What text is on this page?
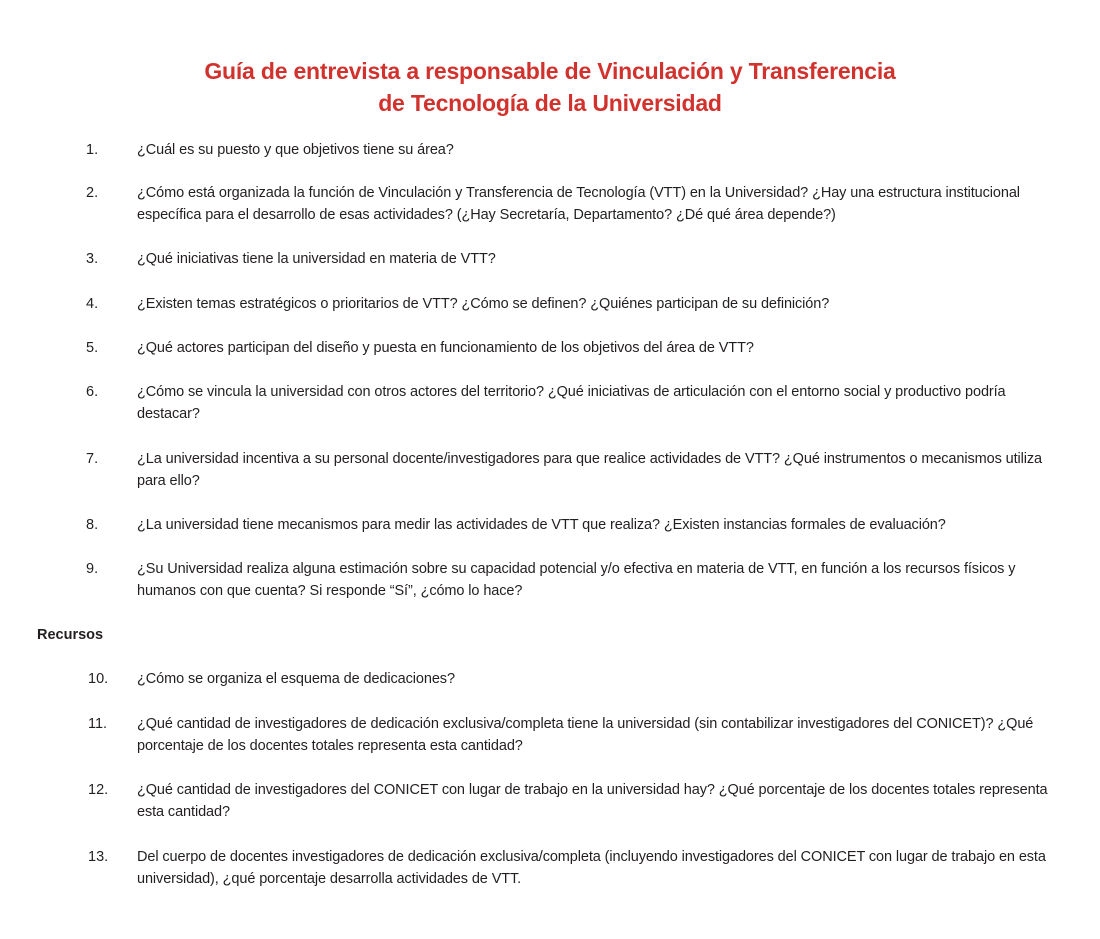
Guía de entrevista a responsable de Vinculación y Transferencia
de Tecnología de la Universidad
1.	¿Cuál es su puesto y que objetivos tiene su área?
2.	¿Cómo está organizada la función de Vinculación y Transferencia de Tecnología (VTT) en la Universidad? ¿Hay una estructura institucional específica para el desarrollo de esas actividades? (¿Hay Secretaría, Departamento? ¿Dé qué área depende?)
3.	¿Qué iniciativas tiene la universidad en materia de VTT?
4.	¿Existen temas estratégicos o prioritarios de VTT? ¿Cómo se definen? ¿Quiénes participan de su definición?
5.	¿Qué actores participan del diseño y puesta en funcionamiento de los objetivos del área de VTT?
6.	¿Cómo se vincula la universidad con otros actores del territorio? ¿Qué iniciativas de articulación con el entorno social y productivo podría destacar?
7.	¿La universidad incentiva a su personal docente/investigadores para que realice actividades de VTT? ¿Qué instrumentos o mecanismos utiliza para ello?
8.	¿La universidad tiene mecanismos para medir las actividades de VTT que realiza? ¿Existen instancias formales de evaluación?
9.	¿Su Universidad realiza alguna estimación sobre su capacidad potencial y/o efectiva en materia de VTT, en función a los recursos físicos y humanos con que cuenta? Si responde “Sí”, ¿cómo lo hace?
Recursos
10. ¿Cómo se organiza el esquema de dedicaciones?
11. ¿Qué cantidad de investigadores de dedicación exclusiva/completa tiene la universidad (sin contabilizar investigadores del CONICET)? ¿Qué porcentaje de los docentes totales representa esta cantidad?
12. ¿Qué cantidad de investigadores del CONICET con lugar de trabajo en la universidad hay? ¿Qué porcentaje de los docentes totales representa esta cantidad?
13. Del cuerpo de docentes investigadores de dedicación exclusiva/completa (incluyendo investigadores del CONICET con lugar de trabajo en esta universidad), ¿qué porcentaje desarrolla actividades de VTT.
